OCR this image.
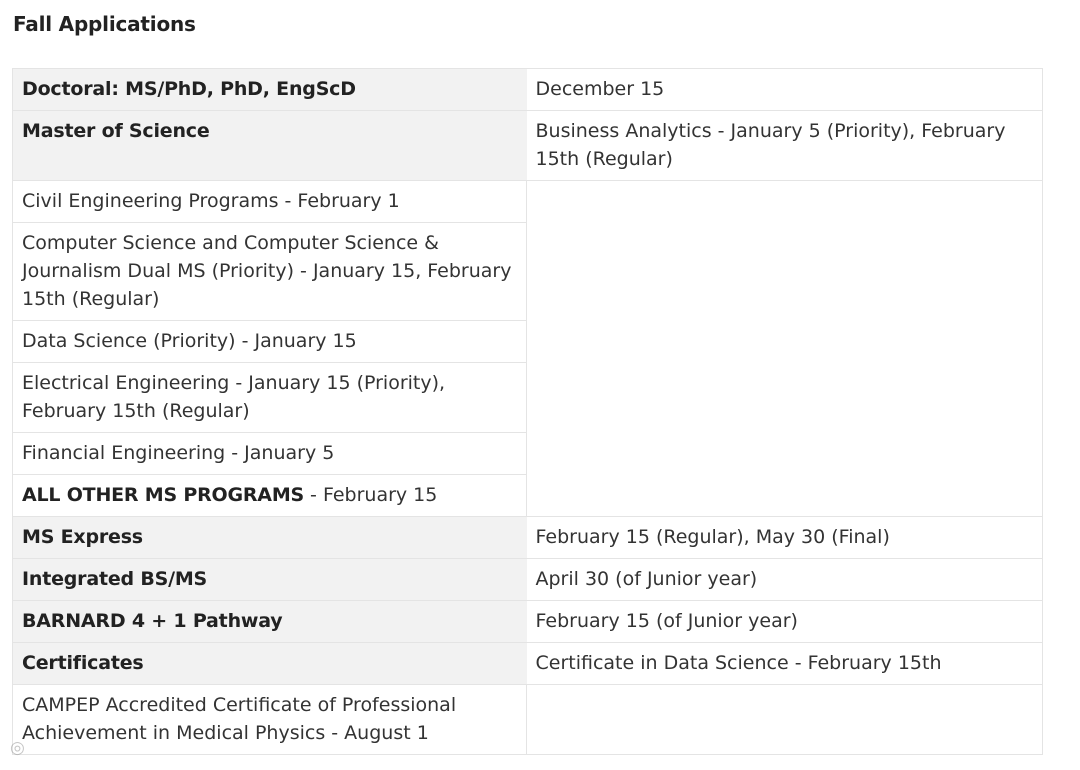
Fall Applications
Doctoral: MS/PhD, PhD, EngScD	December 15
Master of Science	Business Analytics - January 5 (Priority), February 15th (Regular)
Civil Engineering Programs - February 1	
Computer Science and Computer Science & Journalism Dual MS (Priority) - January 15, February 15th (Regular)	
Data Science (Priority) - January 15	
Electrical Engineering - January 15 (Priority), February 15th (Regular)	
Financial Engineering - January 5	
ALL OTHER MS PROGRAMS - February 15	
MS Express	February 15 (Regular), May 30 (Final)
Integrated BS/MS	April 30 (of Junior year)
BARNARD 4 + 1 Pathway	February 15 (of Junior year)
Certificates	Certificate in Data Science - February 15th
CAMPEP Accredited Certificate of Professional Achievement in Medical Physics - August 1	
◎
